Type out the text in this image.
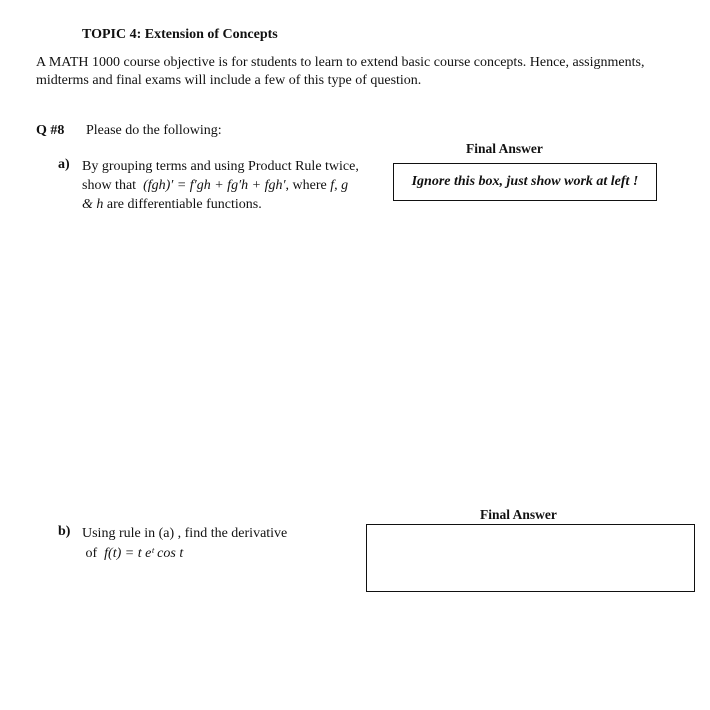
TOPIC 4: Extension of Concepts
A MATH 1000 course objective is for students to learn to extend basic course concepts. Hence, assignments, midterms and final exams will include a few of this type of question.
Q #8 Please do the following:
Final Answer
a) By grouping terms and using Product Rule twice,
show that (fgh)′ = f′gh + fg′h + fgh′, where f, g
& h are differentiable functions.
Ignore this box, just show work at left !
Final Answer
b) Using rule in (a) , find the derivative
of f(t) = t eᵗ cos t
